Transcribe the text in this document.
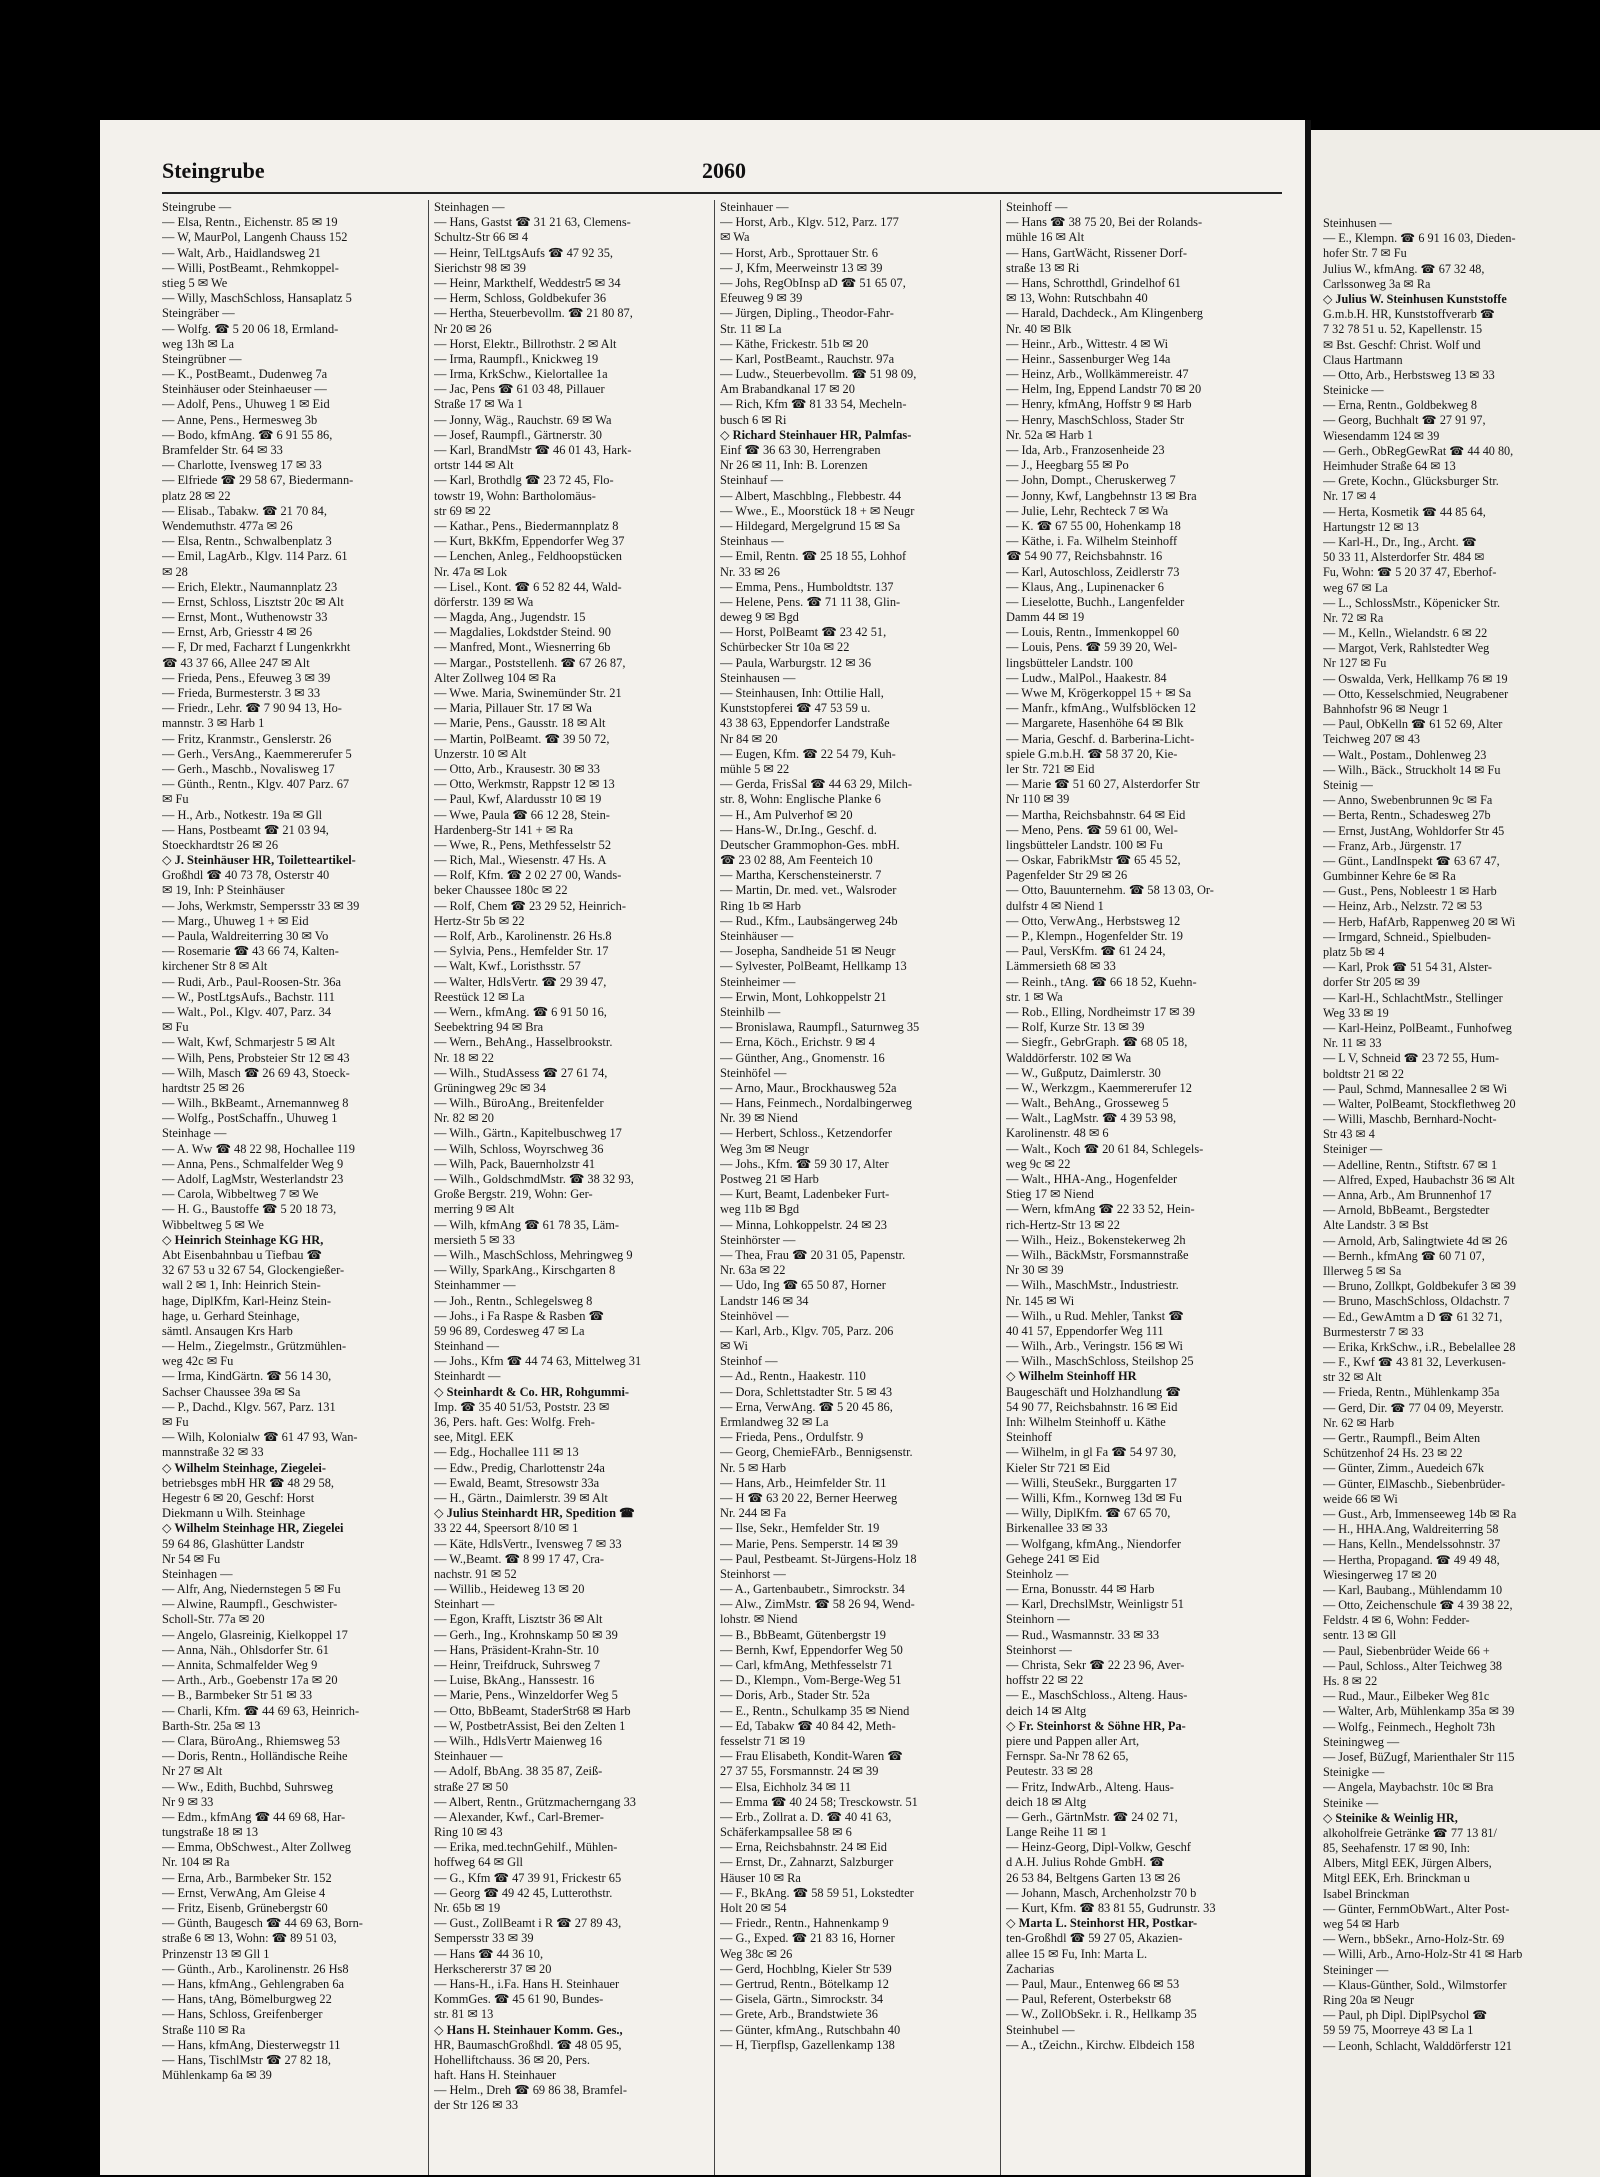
Steingrube	2060
Steingrube —
— Elsa, Rentn., Eichenstr. 85 ✉ 19
— W, MaurPol, Langenh Chauss 152
— Walt, Arb., Haidlandsweg 21
— Willi, PostBeamt., Rehmkoppel-
stieg 5 ✉ We
— Willy, MaschSchloss, Hansaplatz 5
Steingräber —
— Wolfg. ☎ 5 20 06 18, Ermland-
weg 13h ✉ La
Steingrübner —
— K., PostBeamt., Dudenweg 7a
Steinhäuser oder Steinhaeuser —
— Adolf, Pens., Uhuweg 1 ✉ Eid
— Anne, Pens., Hermesweg 3b
— Bodo, kfmAng. ☎ 6 91 55 86,
Bramfelder Str. 64 ✉ 33
— Charlotte, Ivensweg 17 ✉ 33
— Elfriede ☎ 29 58 67, Biedermann-
platz 28 ✉ 22
— Elisab., Tabakw. ☎ 21 70 84,
Wendemuthstr. 477a ✉ 26
— Elsa, Rentn., Schwalbenplatz 3
— Emil, LagArb., Klgv. 114 Parz. 61
✉ 28
— Erich, Elektr., Naumannplatz 23
— Ernst, Schloss, Lisztstr 20c ✉ Alt
— Ernst, Mont., Wuthenowstr 33
— Ernst, Arb, Griesstr 4 ✉ 26
— F, Dr med, Facharzt f Lungenkrkht
☎ 43 37 66, Allee 247 ✉ Alt
— Frieda, Pens., Efeuweg 3 ✉ 39
— Frieda, Burmesterstr. 3 ✉ 33
— Friedr., Lehr. ☎ 7 90 94 13, Ho-
mannstr. 3 ✉ Harb 1
— Fritz, Kranmstr., Genslerstr. 26
— Gerh., VersAng., Kaemmererufer 5
— Gerh., Maschb., Novalisweg 17
— Günth., Rentn., Klgv. 407 Parz. 67
✉ Fu
— H., Arb., Notkestr. 19a ✉ Gll
— Hans, Postbeamt ☎ 21 03 94,
Stoeckhardtstr 26 ✉ 26
◇ J. Steinhäuser HR, Toiletteartikel-
Großhdl ☎ 40 73 78, Osterstr 40
✉ 19, Inh: P Steinhäuser
— Johs, Werkmstr, Sempersstr 33 ✉ 39
— Marg., Uhuweg 1 + ✉ Eid
— Paula, Waldreiterring 30 ✉ Vo
— Rosemarie ☎ 43 66 74, Kalten-
kirchener Str 8 ✉ Alt
— Rudi, Arb., Paul-Roosen-Str. 36a
— W., PostLtgsAufs., Bachstr. 111
— Walt., Pol., Klgv. 407, Parz. 34
✉ Fu
— Walt, Kwf, Schmarjestr 5 ✉ Alt
— Wilh, Pens, Probsteier Str 12 ✉ 43
— Wilh, Masch ☎ 26 69 43, Stoeck-
hardtstr 25 ✉ 26
— Wilh., BkBeamt., Arnemannweg 8
— Wolfg., PostSchaffn., Uhuweg 1
Steinhage —
— A. Ww ☎ 48 22 98, Hochallee 119
— Anna, Pens., Schmalfelder Weg 9
— Adolf, LagMstr, Westerlandstr 23
— Carola, Wibbeltweg 7 ✉ We
— H. G., Baustoffe ☎ 5 20 18 73,
Wibbeltweg 5 ✉ We
◇ Heinrich Steinhage KG HR,
Abt Eisenbahnbau u Tiefbau ☎
32 67 53 u 32 67 54, Glockengießer-
wall 2 ✉ 1, Inh: Heinrich Stein-
hage, DiplKfm, Karl-Heinz Stein-
hage, u. Gerhard Steinhage,
sämtl. Ansaugen Krs Harb
— Helm., Ziegelmstr., Grützmühlen-
weg 42c ✉ Fu
— Irma, KindGärtn. ☎ 56 14 30,
Sachser Chaussee 39a ✉ Sa
— P., Dachd., Klgv. 567, Parz. 131
✉ Fu
— Wilh, Kolonialw ☎ 61 47 93, Wan-
mannstraße 32 ✉ 33
◇ Wilhelm Steinhage, Ziegelei-
betriebsges mbH HR ☎ 48 29 58,
Hegestr 6 ✉ 20, Geschf: Horst
Diekmann u Wilh. Steinhage
◇ Wilhelm Steinhage HR, Ziegelei
59 64 86, Glashütter Landstr
Nr 54 ✉ Fu
Steinhagen —
— Alfr, Ang, Niedernstegen 5 ✉ Fu
— Alwine, Raumpfl., Geschwister-
Scholl-Str. 77a ✉ 20
— Angelo, Glasreinig, Kielkoppel 17
— Anna, Näh., Ohlsdorfer Str. 61
— Annita, Schmalfelder Weg 9
— Arth., Arb., Goebenstr 17a ✉ 20
— B., Barmbeker Str 51 ✉ 33
— Charli, Kfm. ☎ 44 69 63, Heinrich-
Barth-Str. 25a ✉ 13
— Clara, BüroAng., Rhiemsweg 53
— Doris, Rentn., Holländische Reihe
Nr 27 ✉ Alt
— Ww., Edith, Buchbd, Suhrsweg
Nr 9 ✉ 33
— Edm., kfmAng ☎ 44 69 68, Har-
tungstraße 18 ✉ 13
— Emma, ObSchwest., Alter Zollweg
Nr. 104 ✉ Ra
— Erna, Arb., Barmbeker Str. 152
— Ernst, VerwAng, Am Gleise 4
— Fritz, Eisenb, Grünebergstr 60
— Günth, Baugesch ☎ 44 69 63, Born-
straße 6 ✉ 13, Wohn: ☎ 89 51 03,
Prinzenstr 13 ✉ Gll 1
— Günth., Arb., Karolinenstr. 26 Hs8
— Hans, kfmAng., Gehlengraben 6a
— Hans, tAng, Bömelburgweg 22
— Hans, Schloss, Greifenberger
Straße 110 ✉ Ra
— Hans, kfmAng, Diesterwegstr 11
— Hans, TischlMstr ☎ 27 82 18,
Mühlenkamp 6a ✉ 39
Steinhagen —
— Hans, Gastst ☎ 31 21 63, Clemens-
Schultz-Str 66 ✉ 4
— Heinr, TelLtgsAufs ☎ 47 92 35,
Sierichstr 98 ✉ 39
— Heinr, Markthelf, Weddestr5 ✉ 34
— Herm, Schloss, Goldbekufer 36
— Hertha, Steuerbevollm. ☎ 21 80 87,
Nr 20 ✉ 26
— Horst, Elektr., Billrothstr. 2 ✉ Alt
— Irma, Raumpfl., Knickweg 19
— Irma, KrkSchw., Kielortallee 1a
— Jac, Pens ☎ 61 03 48, Pillauer
Straße 17 ✉ Wa 1
— Jonny, Wäg., Rauchstr. 69 ✉ Wa
— Josef, Raumpfl., Gärtnerstr. 30
— Karl, BrandMstr ☎ 46 01 43, Hark-
ortstr 144 ✉ Alt
— Karl, Brothdlg ☎ 23 72 45, Flo-
towstr 19, Wohn: Bartholomäus-
str 69 ✉ 22
— Kathar., Pens., Biedermannplatz 8
— Kurt, BkKfm, Eppendorfer Weg 37
— Lenchen, Anleg., Feldhoopstücken
Nr. 47a ✉ Lok
— Lisel., Kont. ☎ 6 52 82 44, Wald-
dörferstr. 139 ✉ Wa
— Magda, Ang., Jugendstr. 15
— Magdalies, Lokdstder Steind. 90
— Manfred, Mont., Wiesnerring 6b
— Margar., Poststellenh. ☎ 67 26 87,
Alter Zollweg 104 ✉ Ra
— Wwe. Maria, Swinemünder Str. 21
— Maria, Pillauer Str. 17 ✉ Wa
— Marie, Pens., Gausstr. 18 ✉ Alt
— Martin, PolBeamt. ☎ 39 50 72,
Unzerstr. 10 ✉ Alt
— Otto, Arb., Krausestr. 30 ✉ 33
— Otto, Werkmstr, Rappstr 12 ✉ 13
— Paul, Kwf, Alardusstr 10 ✉ 19
— Wwe, Paula ☎ 66 12 28, Stein-
Hardenberg-Str 141 + ✉ Ra
— Wwe, R., Pens, Methfesselstr 52
— Rich, Mal., Wiesenstr. 47 Hs. A
— Rolf, Kfm. ☎ 2 02 27 00, Wands-
beker Chaussee 180c ✉ 22
— Rolf, Chem ☎ 23 29 52, Heinrich-
Hertz-Str 5b ✉ 22
— Rolf, Arb., Karolinenstr. 26 Hs.8
— Sylvia, Pens., Hemfelder Str. 17
— Walt, Kwf., Loristhsstr. 57
— Walter, HdlsVertr. ☎ 29 39 47,
Reestück 12 ✉ La
— Wern., kfmAng. ☎ 6 91 50 16,
Seebektring 94 ✉ Bra
— Wern., BehAng., Hasselbrookstr.
Nr. 18 ✉ 22
— Wilh., StudAssess ☎ 27 61 74,
Grüningweg 29c ✉ 34
— Wilh., BüroAng., Breitenfelder
Nr. 82 ✉ 20
— Wilh., Gärtn., Kapitelbuschweg 17
— Wilh, Schloss, Woyrschweg 36
— Wilh, Pack, Bauernholzstr 41
— Wilh., GoldschmdMstr. ☎ 38 32 93,
Große Bergstr. 219, Wohn: Ger-
merring 9 ✉ Alt
— Wilh, kfmAng ☎ 61 78 35, Läm-
mersieth 5 ✉ 33
— Wilh., MaschSchloss, Mehringweg 9
— Willy, SparkAng., Kirschgarten 8
Steinhammer —
— Joh., Rentn., Schlegelsweg 8
— Johs., i Fa Raspe & Rasben ☎
59 96 89, Cordesweg 47 ✉ La
Steinhand —
— Johs., Kfm ☎ 44 74 63, Mittelweg 31
Steinhardt —
◇ Steinhardt & Co. HR, Rohgummi-
Imp. ☎ 35 40 51/53, Poststr. 23 ✉
36, Pers. haft. Ges: Wolfg. Freh-
see, Mitgl. EEK
— Edg., Hochallee 111 ✉ 13
— Edw., Predig, Charlottenstr 24a
— Ewald, Beamt, Stresowstr 33a
— H., Gärtn., Daimlerstr. 39 ✉ Alt
◇ Julius Steinhardt HR, Spedition ☎
33 22 44, Speersort 8/10 ✉ 1
— Käte, HdlsVertr., Ivensweg 7 ✉ 33
— W.,Beamt. ☎ 8 99 17 47, Cra-
nachstr. 91 ✉ 52
— Willib., Heideweg 13 ✉ 20
Steinhart —
— Egon, Krafft, Lisztstr 36 ✉ Alt
— Gerh., Ing., Krohnskamp 50 ✉ 39
— Hans, Präsident-Krahn-Str. 10
— Heinr, Treifdruck, Suhrsweg 7
— Luise, BkAng., Hanssestr. 16
— Marie, Pens., Winzeldorfer Weg 5
— Otto, BbBeamt, StaderStr68 ✉ Harb
— W, PostbetrAssist, Bei den Zelten 1
— Wilh., HdlsVertr Maienweg 16
Steinhauer —
— Adolf, BbAng. 38 35 87, Zeiß-
straße 27 ✉ 50
— Albert, Rentn., Grützmacherngang 33
— Alexander, Kwf., Carl-Bremer-
Ring 10 ✉ 43
— Erika, med.technGehilf., Mühlen-
hoffweg 64 ✉ Gll
— G., Kfm ☎ 47 39 91, Frickestr 65
— Georg ☎ 49 42 45, Lutterothstr.
Nr. 65b ✉ 19
— Gust., ZollBeamt i R ☎ 27 89 43,
Sempersstr 33 ✉ 39
— Hans ☎ 44 36 10,
Herkschererstr 37 ✉ 20
— Hans-H., i.Fa. Hans H. Steinhauer
KommGes. ☎ 45 61 90, Bundes-
str. 81 ✉ 13
◇ Hans H. Steinhauer Komm. Ges.,
HR, BaumaschGroßhdl. ☎ 48 05 95,
Hohelliftchauss. 36 ✉ 20, Pers.
haft. Hans H. Steinhauer
— Helm., Dreh ☎ 69 86 38, Bramfel-
der Str 126 ✉ 33
Steinhauer —
— Horst, Arb., Klgv. 512, Parz. 177
✉ Wa
— Horst, Arb., Sprottauer Str. 6
— J, Kfm, Meerweinstr 13 ✉ 39
— Johs, RegObInsp aD ☎ 51 65 07,
Efeuweg 9 ✉ 39
— Jürgen, Dipling., Theodor-Fahr-
Str. 11 ✉ La
— Käthe, Frickestr. 51b ✉ 20
— Karl, PostBeamt., Rauchstr. 97a
— Ludw., Steuerbevollm. ☎ 51 98 09,
Am Brabandkanal 17 ✉ 20
— Rich, Kfm ☎ 81 33 54, Mecheln-
busch 6 ✉ Ri
◇ Richard Steinhauer HR, Palmfas-
Einf ☎ 36 63 30, Herrengraben
Nr 26 ✉ 11, Inh: B. Lorenzen
Steinhauf —
— Albert, Maschblng., Flebbestr. 44
— Wwe., E., Moorstück 18 + ✉ Neugr
— Hildegard, Mergelgrund 15 ✉ Sa
Steinhaus —
— Emil, Rentn. ☎ 25 18 55, Lohhof
Nr. 33 ✉ 26
— Emma, Pens., Humboldtstr. 137
— Helene, Pens. ☎ 71 11 38, Glin-
deweg 9 ✉ Bgd
— Horst, PolBeamt ☎ 23 42 51,
Schürbecker Str 10a ✉ 22
— Paula, Warburgstr. 12 ✉ 36
Steinhausen —
— Steinhausen, Inh: Ottilie Hall,
Kunststopferei ☎ 47 53 59 u.
43 38 63, Eppendorfer Landstraße
Nr 84 ✉ 20
— Eugen, Kfm. ☎ 22 54 79, Kuh-
mühle 5 ✉ 22
— Gerda, FrisSal ☎ 44 63 29, Milch-
str. 8, Wohn: Englische Planke 6
— H., Am Pulverhof ✉ 20
— Hans-W., Dr.Ing., Geschf. d.
Deutscher Grammophon-Ges. mbH.
☎ 23 02 88, Am Feenteich 10
— Martha, Kerschensteinerstr. 7
— Martin, Dr. med. vet., Walsroder
Ring 1b ✉ Harb
— Rud., Kfm., Laubsängerweg 24b
Steinhäuser —
— Josepha, Sandheide 51 ✉ Neugr
— Sylvester, PolBeamt, Hellkamp 13
Steinheimer —
— Erwin, Mont, Lohkoppelstr 21
Steinhilb —
— Bronislawa, Raumpfl., Saturnweg 35
— Erna, Köch., Erichstr. 9 ✉ 4
— Günther, Ang., Gnomenstr. 16
Steinhöfel —
— Arno, Maur., Brockhausweg 52a
— Hans, Feinmech., Nordalbingerweg
Nr. 39 ✉ Niend
— Herbert, Schloss., Ketzendorfer
Weg 3m ✉ Neugr
— Johs., Kfm. ☎ 59 30 17, Alter
Postweg 21 ✉ Harb
— Kurt, Beamt, Ladenbeker Furt-
weg 11b ✉ Bgd
— Minna, Lohkoppelstr. 24 ✉ 23
Steinhörster —
— Thea, Frau ☎ 20 31 05, Papenstr.
Nr. 63a ✉ 22
— Udo, Ing ☎ 65 50 87, Horner
Landstr 146 ✉ 34
Steinhövel —
— Karl, Arb., Klgv. 705, Parz. 206
✉ Wi
Steinhof —
— Ad., Rentn., Haakestr. 110
— Dora, Schlettstadter Str. 5 ✉ 43
— Erna, VerwAng. ☎ 5 20 45 86,
Ermlandweg 32 ✉ La
— Frieda, Pens., Ordulfstr. 9
— Georg, ChemieFArb., Bennigsenstr.
Nr. 5 ✉ Harb
— Hans, Arb., Heimfelder Str. 11
— H ☎ 63 20 22, Berner Heerweg
Nr. 244 ✉ Fa
— Ilse, Sekr., Hemfelder Str. 19
— Marie, Pens. Semperstr. 14 ✉ 39
— Paul, Pestbeamt. St-Jürgens-Holz 18
Steinhorst —
— A., Gartenbaubetr., Simrockstr. 34
— Alw., ZimMstr. ☎ 58 26 94, Wend-
lohstr. ✉ Niend
— B., BbBeamt, Gütenbergstr 19
— Bernh, Kwf, Eppendorfer Weg 50
— Carl, kfmAng, Methfesselstr 71
— D., Klempn., Vom-Berge-Weg 51
— Doris, Arb., Stader Str. 52a
— E., Rentn., Schulkamp 35 ✉ Niend
— Ed, Tabakw ☎ 40 84 42, Meth-
fesselstr 71 ✉ 19
— Frau Elisabeth, Kondit-Waren ☎
27 37 55, Forsmannstr. 24 ✉ 39
— Elsa, Eichholz 34 ✉ 11
— Emma ☎ 40 24 58; Tresckowstr. 51
— Erb., Zollrat a. D. ☎ 40 41 63,
Schäferkampsallee 58 ✉ 6
— Erna, Reichsbahnstr. 24 ✉ Eid
— Ernst, Dr., Zahnarzt, Salzburger
Häuser 10 ✉ Ra
— F., BkAng. ☎ 58 59 51, Lokstedter
Holt 20 ✉ 54
— Friedr., Rentn., Hahnenkamp 9
— G., Exped. ☎ 21 83 16, Horner
Weg 38c ✉ 26
— Gerd, Hochblng, Kieler Str 539
— Gertrud, Rentn., Bötelkamp 12
— Gisela, Gärtn., Simrockstr. 34
— Grete, Arb., Brandstwiete 36
— Günter, kfmAng., Rutschbahn 40
— H, Tierpflsp, Gazellenkamp 138
Steinhoff —
— Hans ☎ 38 75 20, Bei der Rolands-
mühle 16 ✉ Alt
— Hans, GartWächt, Rissener Dorf-
straße 13 ✉ Ri
— Hans, Schrotthdl, Grindelhof 61
✉ 13, Wohn: Rutschbahn 40
— Harald, Dachdeck., Am Klingenberg
Nr. 40 ✉ Blk
— Heinr., Arb., Wittestr. 4 ✉ Wi
— Heinr., Sassenburger Weg 14a
— Heinz, Arb., Wollkämmereistr. 47
— Helm, Ing, Eppend Landstr 70 ✉ 20
— Henry, kfmAng, Hoffstr 9 ✉ Harb
— Henry, MaschSchloss, Stader Str
Nr. 52a ✉ Harb 1
— Ida, Arb., Franzosenheide 23
— J., Heegbarg 55 ✉ Po
— John, Dompt., Cheruskerweg 7
— Jonny, Kwf, Langbehnstr 13 ✉ Bra
— Julie, Lehr, Rechteck 7 ✉ Wa
— K. ☎ 67 55 00, Hohenkamp 18
— Käthe, i. Fa. Wilhelm Steinhoff
☎ 54 90 77, Reichsbahnstr. 16
— Karl, Autoschloss, Zeidlerstr 73
— Klaus, Ang., Lupinenacker 6
— Lieselotte, Buchh., Langenfelder
Damm 44 ✉ 19
— Louis, Rentn., Immenkoppel 60
— Louis, Pens. ☎ 59 39 20, Wel-
lingsbütteler Landstr. 100
— Ludw., MalPol., Haakestr. 84
— Wwe M, Krögerkoppel 15 + ✉ Sa
— Manfr., kfmAng., Wulfsblöcken 12
— Margarete, Hasenhöhe 64 ✉ Blk
— Maria, Geschf. d. Barberina-Licht-
spiele G.m.b.H. ☎ 58 37 20, Kie-
ler Str. 721 ✉ Eid
— Marie ☎ 51 60 27, Alsterdorfer Str
Nr 110 ✉ 39
— Martha, Reichsbahnstr. 64 ✉ Eid
— Meno, Pens. ☎ 59 61 00, Wel-
lingsbütteler Landstr. 100 ✉ Fu
— Oskar, FabrikMstr ☎ 65 45 52,
Pagenfelder Str 29 ✉ 26
— Otto, Bauunternehm. ☎ 58 13 03, Or-
dulfstr 4 ✉ Niend 1
— Otto, VerwAng., Herbstsweg 12
— P., Klempn., Hogenfelder Str. 19
— Paul, VersKfm. ☎ 61 24 24,
Lämmersieth 68 ✉ 33
— Reinh., tAng. ☎ 66 18 52, Kuehn-
str. 1 ✉ Wa
— Rob., Elling, Nordheimstr 17 ✉ 39
— Rolf, Kurze Str. 13 ✉ 39
— Siegfr., GebrGraph. ☎ 68 05 18,
Walddörferstr. 102 ✉ Wa
— W., Gußputz, Daimlerstr. 30
— W., Werkzgm., Kaemmererufer 12
— Walt., BehAng., Grosseweg 5
— Walt., LagMstr. ☎ 4 39 53 98,
Karolinenstr. 48 ✉ 6
— Walt., Koch ☎ 20 61 84, Schlegels-
weg 9c ✉ 22
— Walt., HHA-Ang., Hogenfelder
Stieg 17 ✉ Niend
— Wern, kfmAng ☎ 22 33 52, Hein-
rich-Hertz-Str 13 ✉ 22
— Wilh., Heiz., Bokenstekerweg 2h
— Wilh., BäckMstr, Forsmannstraße
Nr 30 ✉ 39
— Wilh., MaschMstr., Industriestr.
Nr. 145 ✉ Wi
— Wilh., u Rud. Mehler, Tankst ☎
40 41 57, Eppendorfer Weg 111
— Wilh., Arb., Veringstr. 156 ✉ Wi
— Wilh., MaschSchloss, Steilshop 25
◇ Wilhelm Steinhoff HR
Baugeschäft und Holzhandlung ☎
54 90 77, Reichsbahnstr. 16 ✉ Eid
Inh: Wilhelm Steinhoff u. Käthe
Steinhoff
— Wilhelm, in gl Fa ☎ 54 97 30,
Kieler Str 721 ✉ Eid
— Willi, SteuSekr., Burggarten 17
— Willi, Kfm., Kornweg 13d ✉ Fu
— Willy, DiplKfm. ☎ 67 65 70,
Birkenallee 33 ✉ 33
— Wolfgang, kfmAng., Niendorfer
Gehege 241 ✉ Eid
Steinholz —
— Erna, Bonusstr. 44 ✉ Harb
— Karl, DrechslMstr, Weinligstr 51
Steinhorn —
— Rud., Wasmannstr. 33 ✉ 33
Steinhorst —
— Christa, Sekr ☎ 22 23 96, Aver-
hoffstr 22 ✉ 22
— E., MaschSchloss., Alteng. Haus-
deich 14 ✉ Altg
◇ Fr. Steinhorst & Söhne HR, Pa-
piere und Pappen aller Art,
Fernspr. Sa-Nr 78 62 65,
Peutestr. 33 ✉ 28
— Fritz, IndwArb., Alteng. Haus-
deich 18 ✉ Altg
— Gerh., GärtnMstr. ☎ 24 02 71,
Lange Reihe 11 ✉ 1
— Heinz-Georg, Dipl-Volkw, Geschf
d A.H. Julius Rohde GmbH. ☎
26 53 84, Beltgens Garten 13 ✉ 26
— Johann, Masch, Archenholzstr 70 b
— Kurt, Kfm. ☎ 83 81 55, Gudrunstr. 33
◇ Marta L. Steinhorst HR, Postkar-
ten-Großhdl ☎ 59 27 05, Akazien-
allee 15 ✉ Fu, Inh: Marta L.
Zacharias
— Paul, Maur., Entenweg 66 ✉ 53
— Paul, Referent, Osterbekstr 68
— W., ZollObSekr. i. R., Hellkamp 35
Steinhubel —
— A., tZeichn., Kirchw. Elbdeich 158
Steinhusen —
— E., Klempn. ☎ 6 91 16 03, Dieden-
hofer Str. 7 ✉ Fu
Julius W., kfmAng. ☎ 67 32 48,
Carlssonweg 3a ✉ Ra
◇ Julius W. Steinhusen Kunststoffe
G.m.b.H. HR, Kunststoffverarb ☎
7 32 78 51 u. 52, Kapellenstr. 15
✉ Bst. Geschf: Christ. Wolf und
Claus Hartmann
— Otto, Arb., Herbstsweg 13 ✉ 33
Steinicke —
— Erna, Rentn., Goldbekweg 8
— Georg, Buchhalt ☎ 27 91 97,
Wiesendamm 124 ✉ 39
— Gerh., ObRegGewRat ☎ 44 40 80,
Heimhuder Straße 64 ✉ 13
— Grete, Kochn., Glücksburger Str.
Nr. 17 ✉ 4
— Herta, Kosmetik ☎ 44 85 64,
Hartungstr 12 ✉ 13
— Karl-H., Dr., Ing., Archt. ☎
50 33 11, Alsterdorfer Str. 484 ✉
Fu, Wohn: ☎ 5 20 37 47, Eberhof-
weg 67 ✉ La
— L., SchlossMstr., Köpenicker Str.
Nr. 72 ✉ Ra
— M., Kelln., Wielandstr. 6 ✉ 22
— Margot, Verk, Rahlstedter Weg
Nr 127 ✉ Fu
— Oswalda, Verk, Hellkamp 76 ✉ 19
— Otto, Kesselschmied, Neugrabener
Bahnhofstr 96 ✉ Neugr 1
— Paul, ObKelln ☎ 61 52 69, Alter
Teichweg 207 ✉ 43
— Walt., Postam., Dohlenweg 23
— Wilh., Bäck., Struckholt 14 ✉ Fu
Steinig —
— Anno, Swebenbrunnen 9c ✉ Fa
— Berta, Rentn., Schadesweg 27b
— Ernst, JustAng, Wohldorfer Str 45
— Franz, Arb., Jürgenstr. 17
— Günt., LandInspekt ☎ 63 67 47,
Gumbinner Kehre 6e ✉ Ra
— Gust., Pens, Nobleestr 1 ✉ Harb
— Heinz, Arb., Nelzstr. 72 ✉ 53
— Herb, HafArb, Rappenweg 20 ✉ Wi
— Irmgard, Schneid., Spielbuden-
platz 5b ✉ 4
— Karl, Prok ☎ 51 54 31, Alster-
dorfer Str 205 ✉ 39
— Karl-H., SchlachtMstr., Stellinger
Weg 33 ✉ 19
— Karl-Heinz, PolBeamt., Funhofweg
Nr. 11 ✉ 33
— L V, Schneid ☎ 23 72 55, Hum-
boldtstr 21 ✉ 22
— Paul, Schmd, Mannesallee 2 ✉ Wi
— Walter, PolBeamt, Stockflethweg 20
— Willi, Maschb, Bernhard-Nocht-
Str 43 ✉ 4
Steiniger —
— Adelline, Rentn., Stiftstr. 67 ✉ 1
— Alfred, Exped, Haubachstr 36 ✉ Alt
— Anna, Arb., Am Brunnenhof 17
— Arnold, BbBeamt., Bergstedter
Alte Landstr. 3 ✉ Bst
— Arnold, Arb, Salingtwiete 4d ✉ 26
— Bernh., kfmAng ☎ 60 71 07,
Illerweg 5 ✉ Sa
— Bruno, Zollkpt, Goldbekufer 3 ✉ 39
— Bruno, MaschSchloss, Oldachstr. 7
— Ed., GewAmtm a D ☎ 61 32 71,
Burmesterstr 7 ✉ 33
— Erika, KrkSchw., i.R., Bebelallee 28
— F., Kwf ☎ 43 81 32, Leverkusen-
str 32 ✉ Alt
— Frieda, Rentn., Mühlenkamp 35a
— Gerd, Dir. ☎ 77 04 09, Meyerstr.
Nr. 62 ✉ Harb
— Gertr., Raumpfl., Beim Alten
Schützenhof 24 Hs. 23 ✉ 22
— Günter, Zimm., Auedeich 67k
— Günter, ElMaschb., Siebenbrüder-
weide 66 ✉ Wi
— Gust., Arb, Immenseeweg 14b ✉ Ra
— H., HHA.Ang, Waldreiterring 58
— Hans, Kelln., Mendelssohnstr. 37
— Hertha, Propagand. ☎ 49 49 48,
Wiesingerweg 17 ✉ 20
— Karl, Baubang., Mühlendamm 10
— Otto, Zeichenschule ☎ 4 39 38 22,
Feldstr. 4 ✉ 6, Wohn: Fedder-
sentr. 13 ✉ Gll
— Paul, Siebenbrüder Weide 66 +
— Paul, Schloss., Alter Teichweg 38
Hs. 8 ✉ 22
— Rud., Maur., Eilbeker Weg 81c
— Walter, Arb, Mühlenkamp 35a ✉ 39
— Wolfg., Feinmech., Hegholt 73h
Steiningweg —
— Josef, BüZugf, Marienthaler Str 115
Steinigke —
— Angela, Maybachstr. 10c ✉ Bra
Steinike —
◇ Steinike & Weinlig HR,
alkoholfreie Getränke ☎ 77 13 81/
85, Seehafenstr. 17 ✉ 90, Inh:
Albers, Mitgl EEK, Jürgen Albers,
Mitgl EEK, Erh. Brinckman u
Isabel Brinckman
— Günter, FernmObWart., Alter Post-
weg 54 ✉ Harb
— Wern., bbSekr., Arno-Holz-Str. 69
— Willi, Arb., Arno-Holz-Str 41 ✉ Harb
Steininger —
— Klaus-Günther, Sold., Wilmstorfer
Ring 20a ✉ Neugr
— Paul, ph Dipl. DiplPsychol ☎
59 59 75, Moorreye 43 ✉ La 1
— Leonh, Schlacht, Walddörferstr 121
